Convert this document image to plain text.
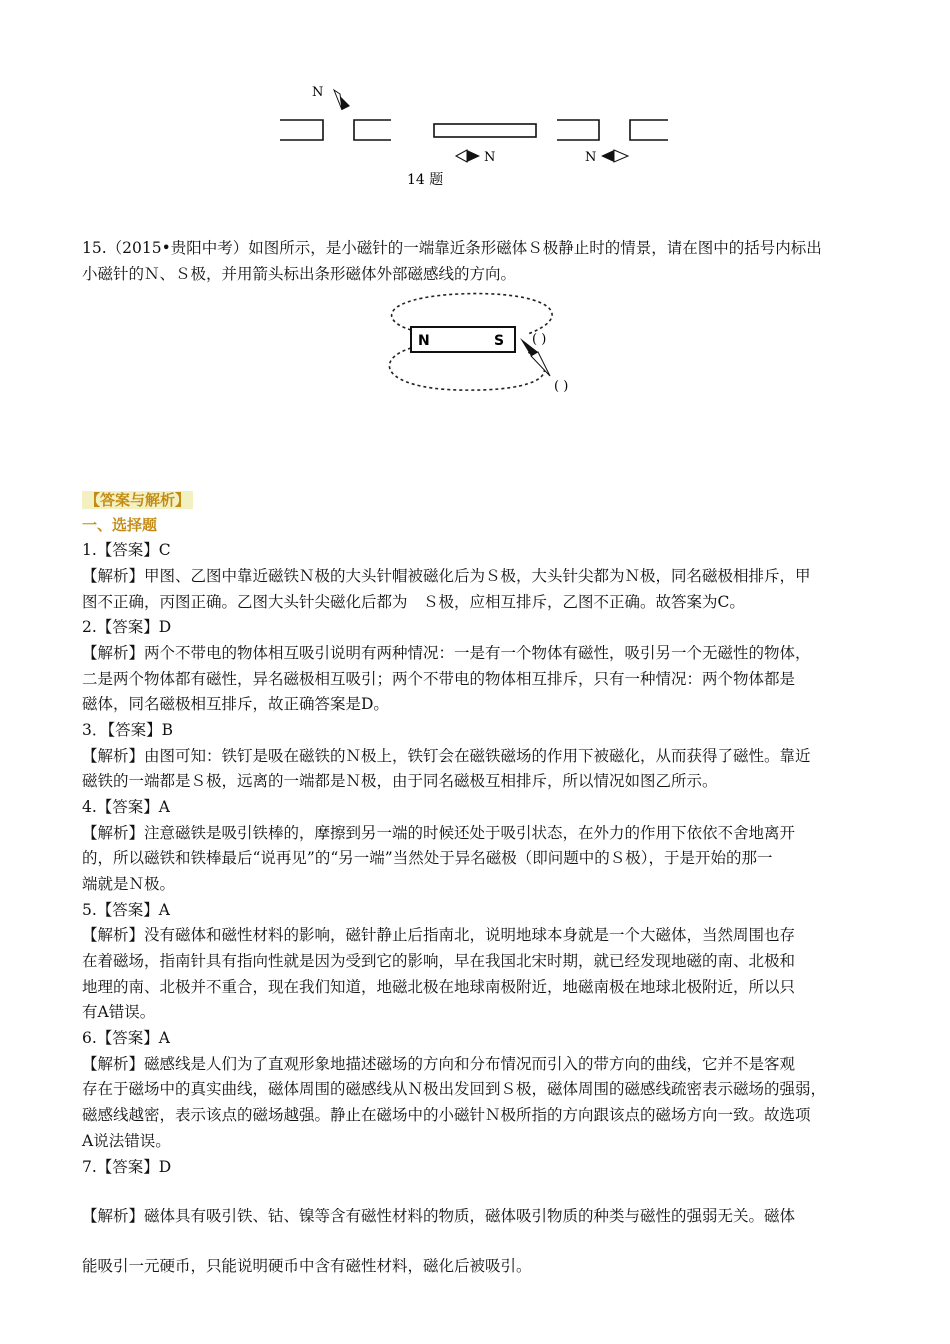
N
N	N
14 题
15.（2015•贵阳中考）如图所示，是小磁针的一端靠近条形磁体Ｓ极静止时的情景，请在图中的括号内标出
小磁针的Ｎ、Ｓ极，并用箭头标出条形磁体外部磁感线的方向。
N	S ( )
( )
【答案与解析】
一、选择题
1.【答案】C
【解析】甲图、乙图中靠近磁铁Ｎ极的大头针帽被磁化后为Ｓ极，大头针尖都为Ｎ极，同名磁极相排斥，甲
图不正确，丙图正确。乙图大头针尖磁化后都为　Ｓ极，应相互排斥，乙图不正确。故答案为C。
2.【答案】D
【解析】两个不带电的物体相互吸引说明有两种情况：一是有一个物体有磁性，吸引另一个无磁性的物体，
二是两个物体都有磁性，异名磁极相互吸引；两个不带电的物体相互排斥，只有一种情况：两个物体都是
磁体，同名磁极相互排斥，故正确答案是D。
3．【答案】B
【解析】由图可知：铁钉是吸在磁铁的Ｎ极上，铁钉会在磁铁磁场的作用下被磁化，从而获得了磁性。靠近
磁铁的一端都是Ｓ极，远离的一端都是Ｎ极，由于同名磁极互相排斥，所以情况如图乙所示。
4.【答案】A
【解析】注意磁铁是吸引铁棒的，摩擦到另一端的时候还处于吸引状态，在外力的作用下依依不舍地离开
的，所以磁铁和铁棒最后“说再见”的“另一端”当然处于异名磁极（即问题中的Ｓ极），于是开始的那一
端就是Ｎ极。
5.【答案】A
【解析】没有磁体和磁性材料的影响，磁针静止后指南北，说明地球本身就是一个大磁体，当然周围也存
在着磁场，指南针具有指向性就是因为受到它的影响，早在我国北宋时期，就已经发现地磁的南、北极和
地理的南、北极并不重合，现在我们知道，地磁北极在地球南极附近，地磁南极在地球北极附近，所以只
有A错误。
6.【答案】A
【解析】磁感线是人们为了直观形象地描述磁场的方向和分布情况而引入的带方向的曲线，它并不是客观
存在于磁场中的真实曲线，磁体周围的磁感线从Ｎ极出发回到Ｓ极，磁体周围的磁感线疏密表示磁场的强弱，
磁感线越密，表示该点的磁场越强。静止在磁场中的小磁针Ｎ极所指的方向跟该点的磁场方向一致。故选项
A说法错误。
7.【答案】D
【解析】磁体具有吸引铁、钴、镍等含有磁性材料的物质，磁体吸引物质的种类与磁性的强弱无关。磁体
能吸引一元硬币，只能说明硬币中含有磁性材料，磁化后被吸引。
